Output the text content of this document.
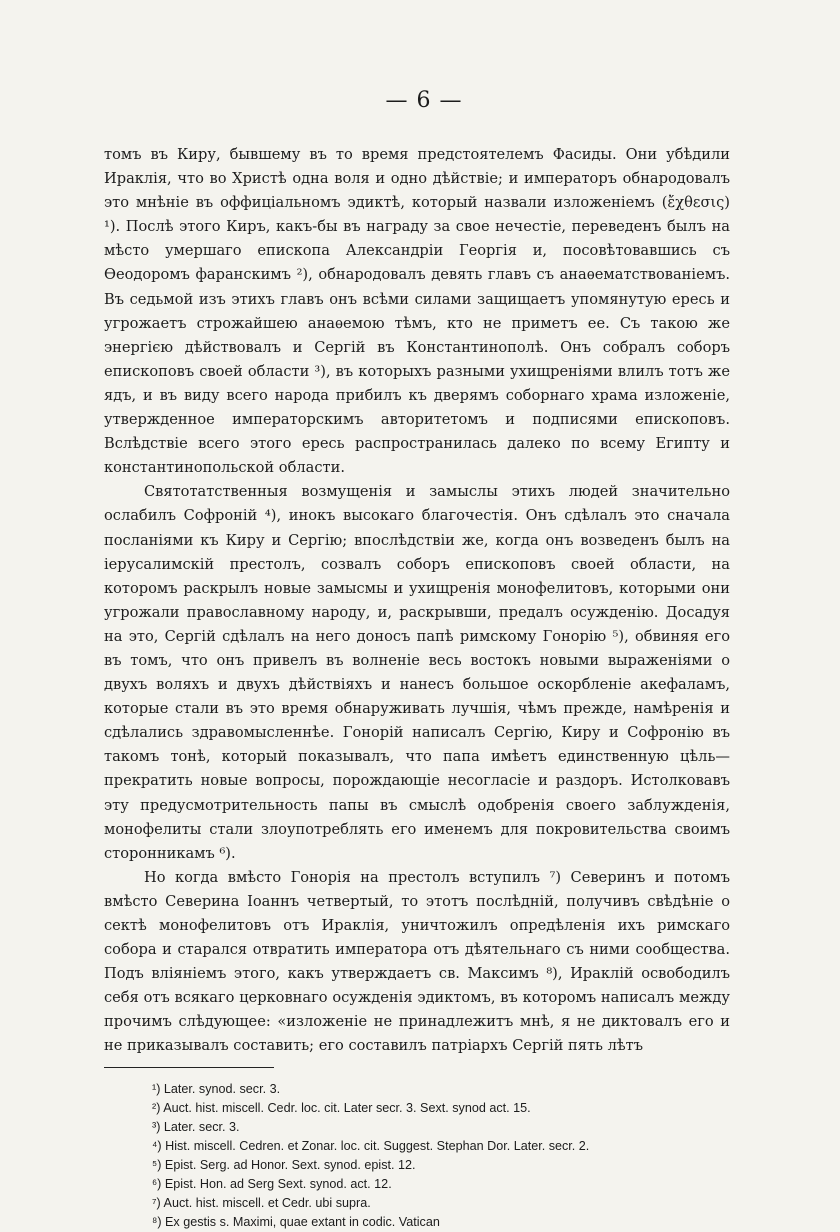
— 6 —

томъ въ Киру, бывшему въ то время предстоятелемъ Фасиды. Они убѣдили Ираклія, что во Христѣ одна воля и одно дѣйствіе; и императоръ обнародовалъ это мнѣніе въ оффиціальномъ эдиктѣ, который назвали изложеніемъ (ἔχθεσις) ¹). Послѣ этого Киръ, какъ-бы въ награду за свое нечестіе, переведенъ былъ на мѣсто умершаго епископа Александріи Георгія и, посовѣтовавшись съ Ѳеодоромъ фаранскимъ ²), обнародовалъ девять главъ съ анаѳематствованіемъ. Въ седьмой изъ этихъ главъ онъ всѣми силами защищаетъ упомянутую ересь и угрожаетъ строжайшею анаѳемою тѣмъ, кто не приметъ ее. Съ такою же энергією дѣйствовалъ и Сергій въ Константинополѣ. Онъ собралъ соборъ епископовъ своей области ³), въ которыхъ разными ухищреніями влилъ тотъ же ядъ, и въ виду всего народа прибилъ къ дверямъ соборнаго храма изложеніе, утвержденное императорскимъ авторитетомъ и подписями епископовъ. Вслѣдствіе всего этого ересь распространилась далеко по всему Египту и константинопольской области.

Святотатственныя возмущенія и замыслы этихъ людей значительно ослабилъ Софроній ⁴), инокъ высокаго благочестія. Онъ сдѣлалъ это сначала посланіями къ Киру и Сергію; впослѣдствіи же, когда онъ возведенъ былъ на іерусалимскій престолъ, созвалъ соборъ епископовъ своей области, на которомъ раскрылъ новые замысмы и ухищренія монофелитовъ, которыми они угрожали православному народу, и, раскрывши, предалъ осужденію. Досадуя на это, Сергій сдѣлалъ на него доносъ папѣ римскому Гонорію ⁵), обвиняя его въ томъ, что онъ привелъ въ волненіе весь востокъ новыми выраженіями о двухъ воляхъ и двухъ дѣйствіяхъ и нанесъ большое оскорбленіе акефаламъ, которые стали въ это время обнаруживать лучшія, чѣмъ прежде, намѣренія и сдѣлались здравомысленнѣе. Гонорій написалъ Сергію, Киру и Софронію въ такомъ тонѣ, который показывалъ, что папа имѣетъ единственную цѣль—прекратить новые вопросы, порождающіе несогласіе и раздоръ. Истолковавъ эту предусмотрительность папы въ смыслѣ одобренія своего заблужденія, монофелиты стали злоупотреблять его именемъ для покровительства своимъ сторонникамъ ⁶).

Но когда вмѣсто Гонорія на престолъ вступилъ ⁷) Северинъ и потомъ вмѣсто Северина Іоаннъ четвертый, то этотъ послѣдній, получивъ свѣдѣніе о сектѣ монофелитовъ отъ Ираклія, уничтожилъ опредѣленія ихъ римскаго собора и старался отвратить императора отъ дѣятельнаго съ ними сообщества. Подъ вліяніемъ этого, какъ утверждаетъ св. Максимъ ⁸), Ираклій освободилъ себя отъ всякаго церковнаго осужденія эдиктомъ, въ которомъ написалъ между прочимъ слѣдующее: «изложеніе не принадлежитъ мнѣ, я не диктовалъ его и не приказывалъ составить; его составилъ патріархъ Сергій пять лѣтъ

¹) Later. synod. secr. 3.
²) Auct. hist. miscell. Cedr. loc. cit. Later secr. 3. Sext. synod act. 15.
³) Later. secr. 3.
⁴) Hist. miscell. Cedren. et Zonar. loc. cit. Suggest. Stephan Dor. Later. secr. 2.
⁵) Epist. Serg. ad Honor. Sext. synod. epist. 12.
⁶) Epist. Hon. ad Serg Sext. synod. act. 12.
⁷) Auct. hist. miscell. et Cedr. ubi supra.
⁸) Ex gestis s. Maximi, quae extant in codic. Vatican
